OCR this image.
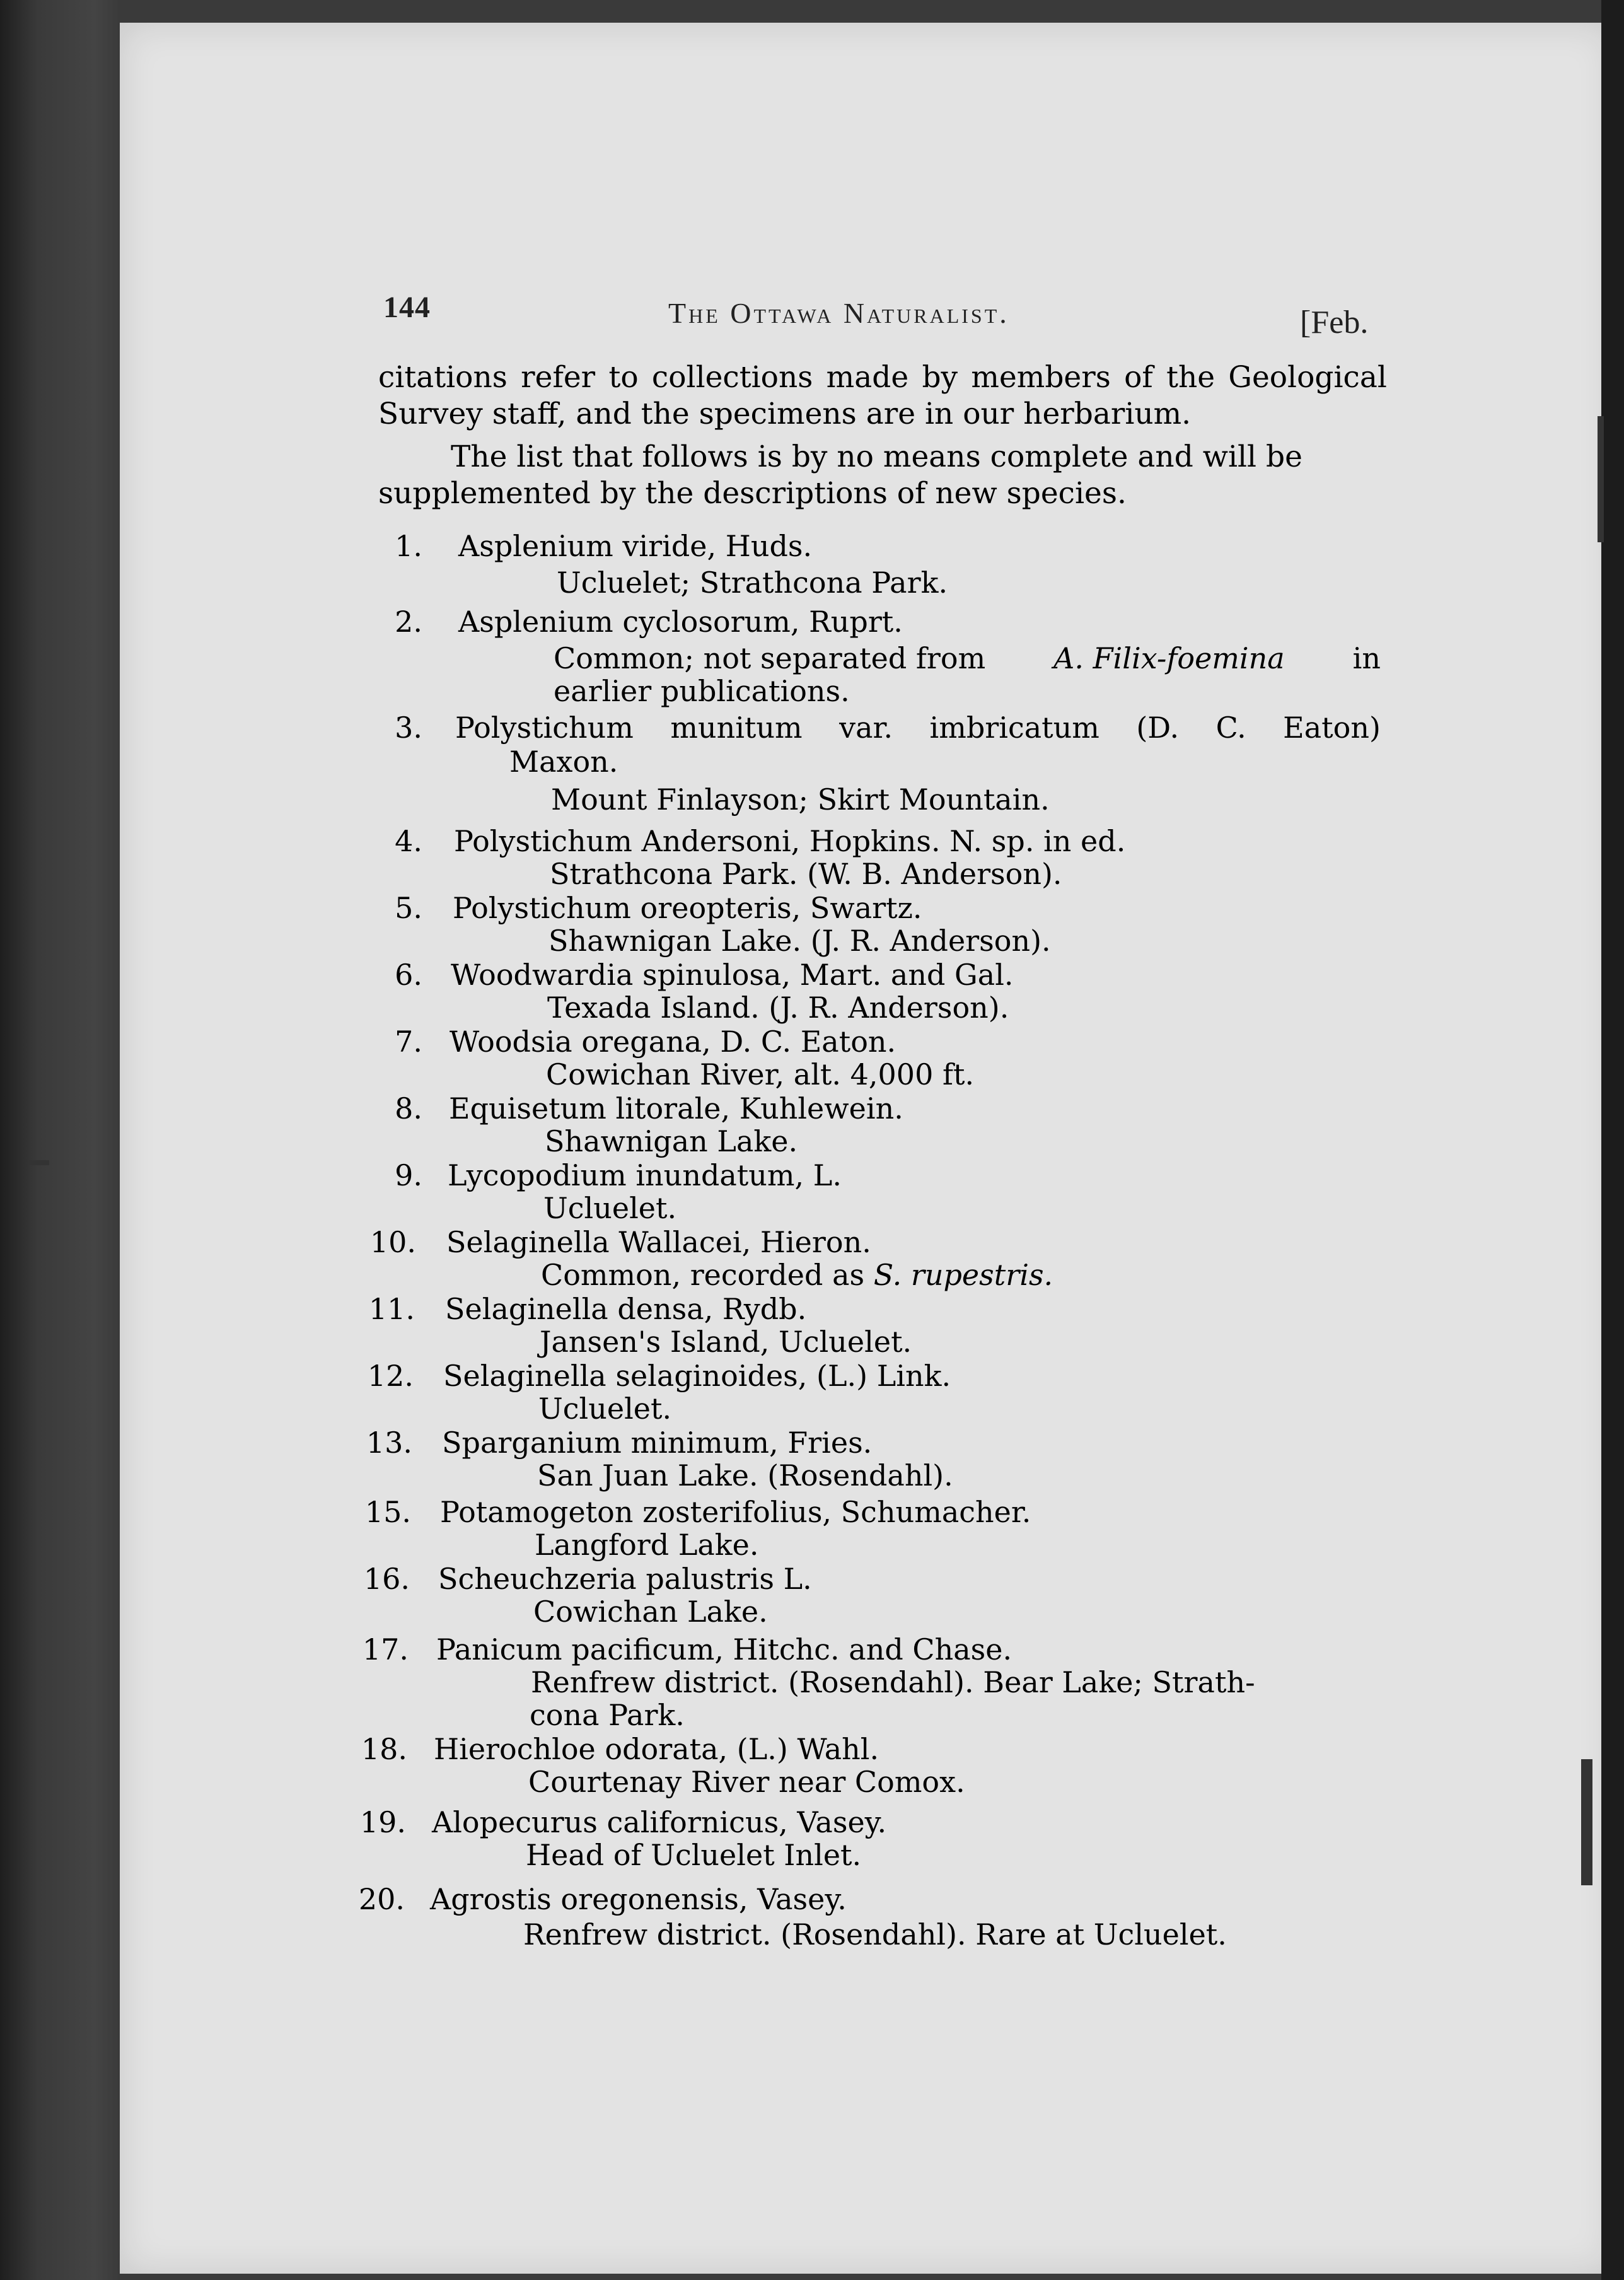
144	The Ottawa Naturalist.	[Feb.

citations refer to collections made by members of the Geological
Survey staff, and the specimens are in our herbarium.

The list that follows is by no means complete and will be
supplemented by the descriptions of new species.

1. Asplenium viride, Huds.
Ucluelet; Strathcona Park.
2. Asplenium cyclosorum, Ruprt.
Common; not separated from A. Filix-foemina in
earlier publications.
3. Polystichum munitum var. imbricatum (D. C. Eaton)
Maxon.
Mount Finlayson; Skirt Mountain.
4. Polystichum Andersoni, Hopkins. N. sp. in ed.
Strathcona Park. (W. B. Anderson).
5. Polystichum oreopteris, Swartz.
Shawnigan Lake. (J. R. Anderson).
6. Woodwardia spinulosa, Mart. and Gal.
Texada Island. (J. R. Anderson).
7. Woodsia oregana, D. C. Eaton.
Cowichan River, alt. 4,000 ft.
8. Equisetum litorale, Kuhlewein.
Shawnigan Lake.
9. Lycopodium inundatum, L.
Ucluelet.
10. Selaginella Wallacei, Hieron.
Common, recorded as S. rupestris.
11. Selaginella densa, Rydb.
Jansen's Island, Ucluelet.
12. Selaginella selaginoides, (L.) Link.
Ucluelet.
13. Sparganium minimum, Fries.
San Juan Lake. (Rosendahl).
15. Potamogeton zosterifolius, Schumacher.
Langford Lake.
16. Scheuchzeria palustris L.
Cowichan Lake.
17. Panicum pacificum, Hitchc. and Chase.
Renfrew district. (Rosendahl). Bear Lake; Strath-
cona Park.
18. Hierochloe odorata, (L.) Wahl.
Courtenay River near Comox.
19. Alopecurus californicus, Vasey.
Head of Ucluelet Inlet.
20. Agrostis oregonensis, Vasey.
Renfrew district. (Rosendahl). Rare at Ucluelet.
